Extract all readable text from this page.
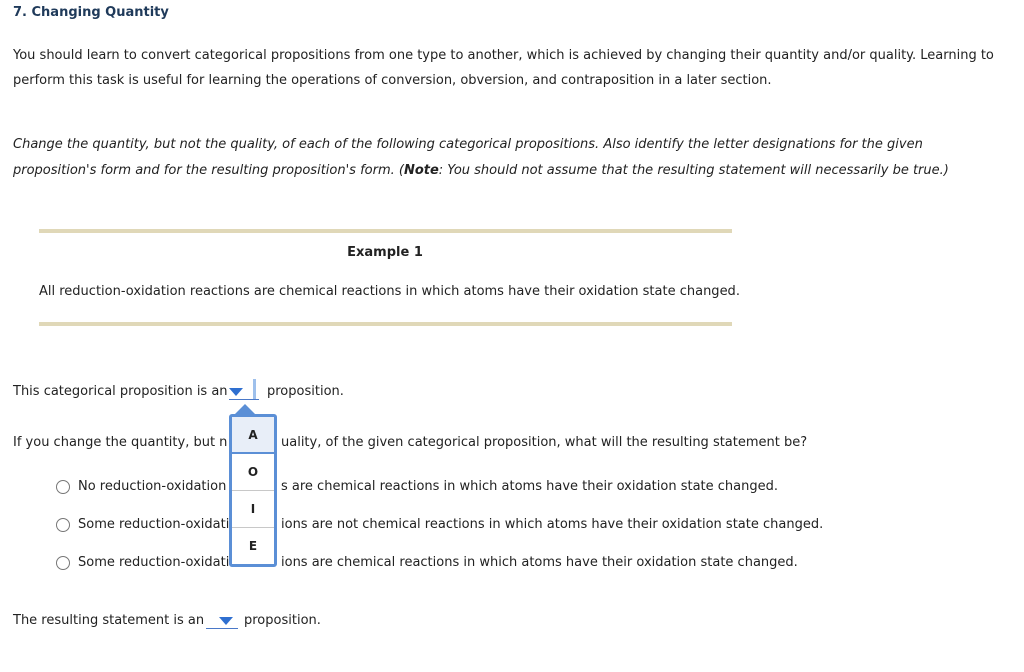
7. Changing Quantity
You should learn to convert categorical propositions from one type to another, which is achieved by changing their quantity and/or quality. Learning to
perform this task is useful for learning the operations of conversion, obversion, and contraposition in a later section.
Change the quantity, but not the quality, of each of the following categorical propositions. Also identify the letter designations for the given
proposition's form and for the resulting proposition's form. (Note: You should not assume that the resulting statement will necessarily be true.)
Example 1
All reduction-oxidation reactions are chemical reactions in which atoms have their oxidation state changed.
This categorical proposition is an	proposition.
If you change the quantity, but n	uality, of the given categorical proposition, what will the resulting statement be?
No reduction-oxidation	s are chemical reactions in which atoms have their oxidation state changed.
Some reduction-oxidati	ions are not chemical reactions in which atoms have their oxidation state changed.
Some reduction-oxidati	ions are chemical reactions in which atoms have their oxidation state changed.
A
O
I
E
The resulting statement is an	proposition.
